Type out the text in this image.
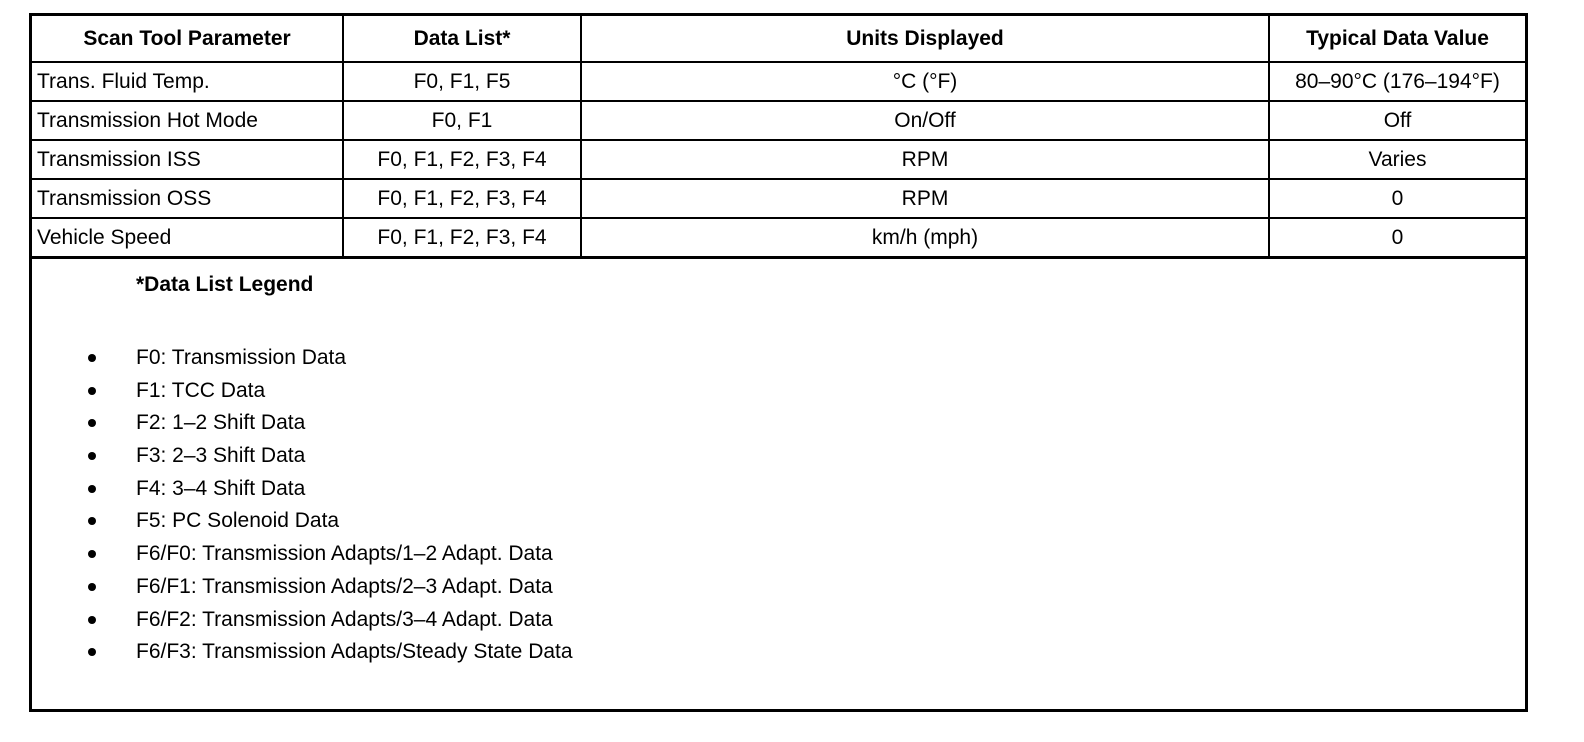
Scan Tool Parameter	Data List*	Units Displayed	Typical Data Value
Trans. Fluid Temp.	F0, F1, F5	°C (°F)	80–90°C (176–194°F)
Transmission Hot Mode	F0, F1	On/Off	Off
Transmission ISS	F0, F1, F2, F3, F4	RPM	Varies
Transmission OSS	F0, F1, F2, F3, F4	RPM	0
Vehicle Speed	F0, F1, F2, F3, F4	km/h (mph)	0
*Data List Legend
F0: Transmission Data
F1: TCC Data
F2: 1–2 Shift Data
F3: 2–3 Shift Data
F4: 3–4 Shift Data
F5: PC Solenoid Data
F6/F0: Transmission Adapts/1–2 Adapt. Data
F6/F1: Transmission Adapts/2–3 Adapt. Data
F6/F2: Transmission Adapts/3–4 Adapt. Data
F6/F3: Transmission Adapts/Steady State Data
